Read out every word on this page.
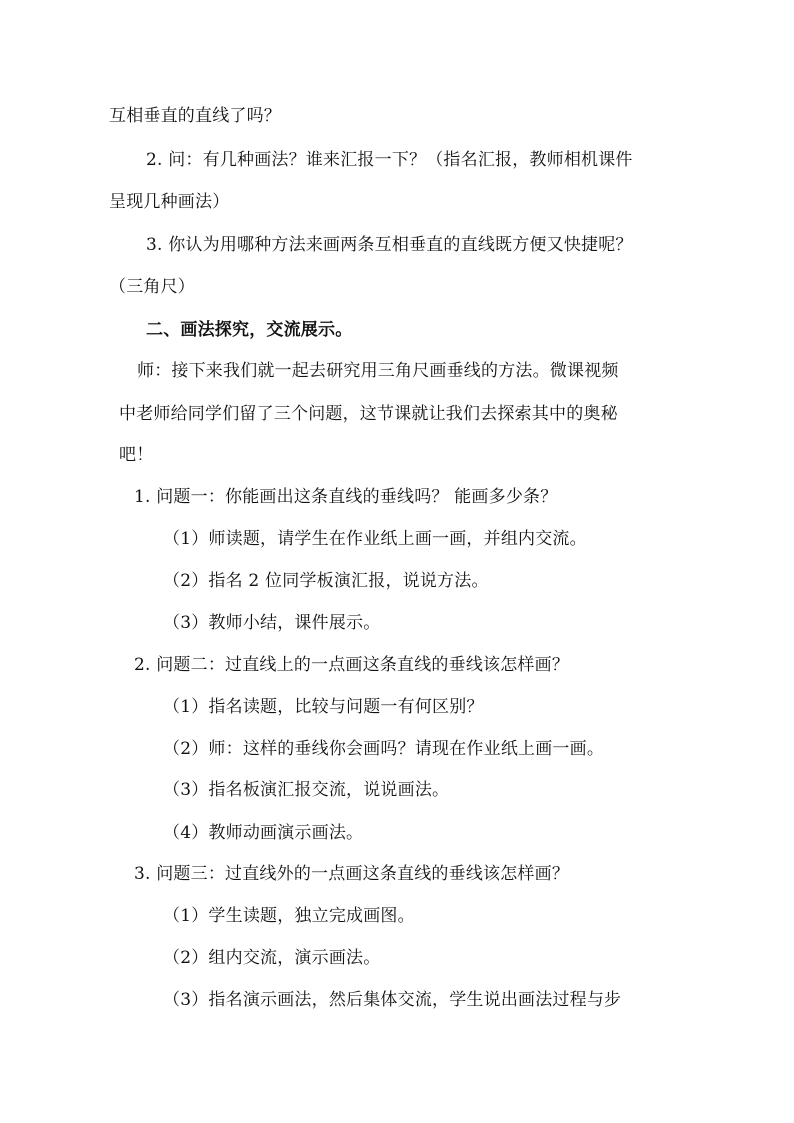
互相垂直的直线了吗？
2. 问：有几种画法？谁来汇报一下？（指名汇报，教师相机课件
呈现几种画法）
3. 你认为用哪种方法来画两条互相垂直的直线既方便又快捷呢？
（三角尺）
二、画法探究，交流展示。
师：接下来我们就一起去研究用三角尺画垂线的方法。微课视频
中老师给同学们留了三个问题，这节课就让我们去探索其中的奥秘
吧！
1. 问题一：你能画出这条直线的垂线吗？ 能画多少条？
（1）师读题，请学生在作业纸上画一画，并组内交流。
（2）指名 2 位同学板演汇报，说说方法。
（3）教师小结，课件展示。
2. 问题二：过直线上的一点画这条直线的垂线该怎样画？
（1）指名读题，比较与问题一有何区别？
（2）师：这样的垂线你会画吗？请现在作业纸上画一画。
（3）指名板演汇报交流，说说画法。
（4）教师动画演示画法。
3. 问题三：过直线外的一点画这条直线的垂线该怎样画？
（1）学生读题，独立完成画图。
（2）组内交流，演示画法。
（3）指名演示画法，然后集体交流，学生说出画法过程与步
